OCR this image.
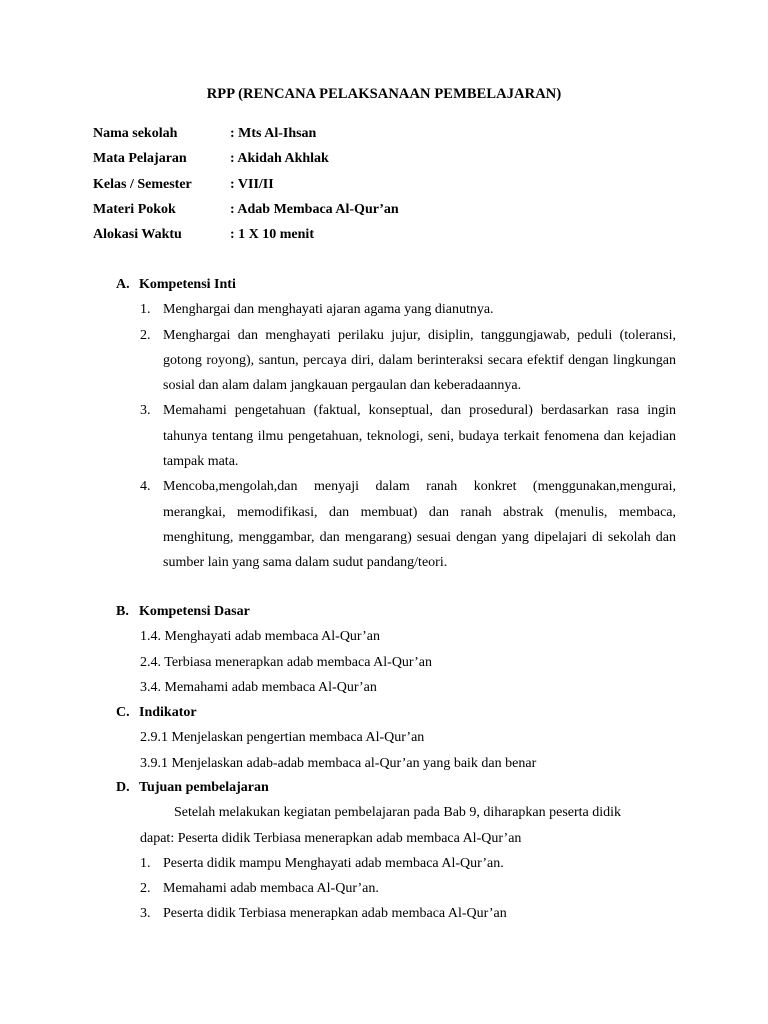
RPP (RENCANA PELAKSANAAN PEMBELAJARAN)
Nama sekolah	: Mts Al-Ihsan
Mata Pelajaran	: Akidah Akhlak
Kelas / Semester	: VII/II
Materi Pokok	: Adab Membaca Al-Qur’an
Alokasi Waktu	: 1 X 10 menit
A. Kompetensi Inti
1. Menghargai dan menghayati ajaran agama yang dianutnya.
2. Menghargai dan menghayati perilaku jujur, disiplin, tanggungjawab, peduli (toleransi, gotong royong), santun, percaya diri, dalam berinteraksi secara efektif dengan lingkungan sosial dan alam dalam jangkauan pergaulan dan keberadaannya.
3. Memahami pengetahuan (faktual, konseptual, dan prosedural) berdasarkan rasa ingin tahunya tentang ilmu pengetahuan, teknologi, seni, budaya terkait fenomena dan kejadian tampak mata.
4. Mencoba,mengolah,dan menyaji dalam ranah konkret (menggunakan,mengurai, merangkai, memodifikasi, dan membuat) dan ranah abstrak (menulis, membaca, menghitung, menggambar, dan mengarang) sesuai dengan yang dipelajari di sekolah dan sumber lain yang sama dalam sudut pandang/teori.
B. Kompetensi Dasar
1.4. Menghayati adab membaca Al-Qur’an
2.4. Terbiasa menerapkan adab membaca Al-Qur’an
3.4. Memahami adab membaca Al-Qur’an
C. Indikator
2.9.1 Menjelaskan pengertian membaca Al-Qur’an
3.9.1 Menjelaskan adab-adab membaca al-Qur’an yang baik dan benar
D. Tujuan pembelajaran
Setelah melakukan kegiatan pembelajaran pada Bab 9, diharapkan peserta didik
dapat: Peserta didik Terbiasa menerapkan adab membaca Al-Qur’an
1. Peserta didik mampu Menghayati adab membaca Al-Qur’an.
2. Memahami adab membaca Al-Qur’an.
3. Peserta didik Terbiasa menerapkan adab membaca Al-Qur’an
